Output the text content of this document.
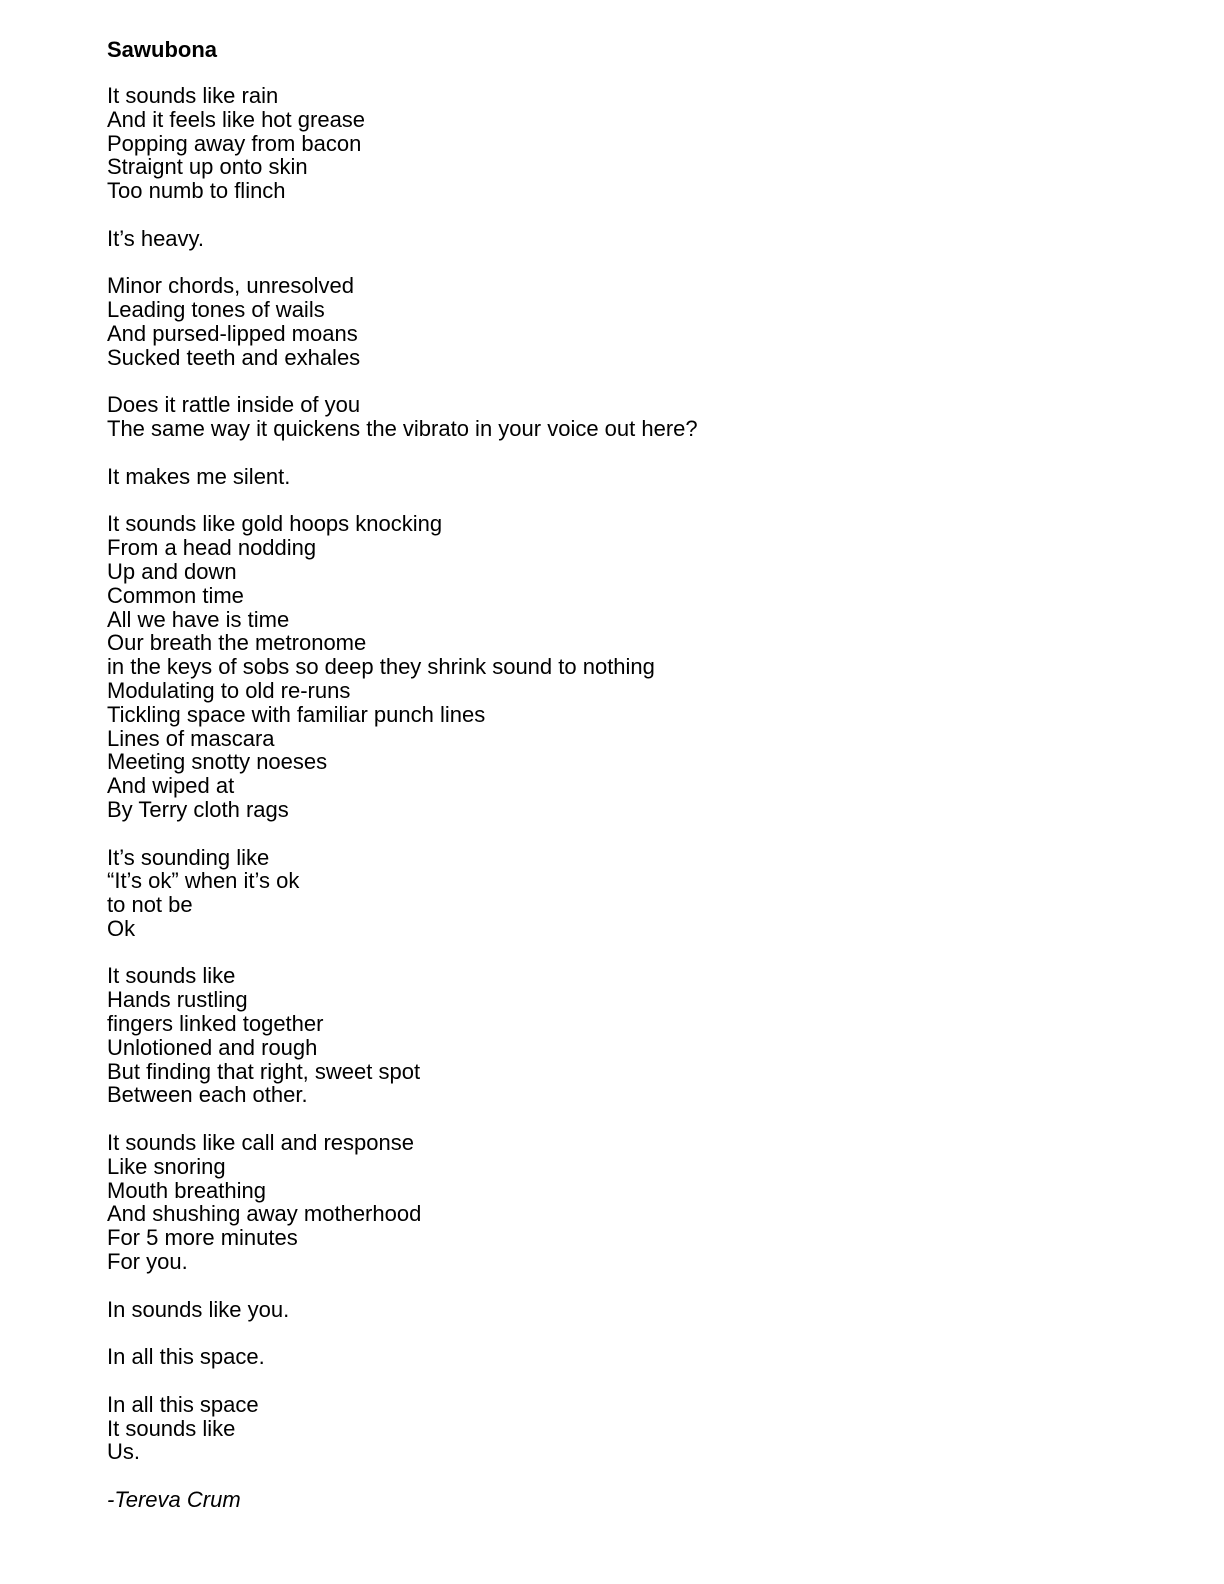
Sawubona
It sounds like rain
And it feels like hot grease
Popping away from bacon
Straignt up onto skin
Too numb to flinch
It’s heavy.
Minor chords, unresolved
Leading tones of wails
And pursed-lipped moans
Sucked teeth and exhales
Does it rattle inside of you
The same way it quickens the vibrato in your voice out here?
It makes me silent.
It sounds like gold hoops knocking
From a head nodding
Up and down
Common time
All we have is time
Our breath the metronome
in the keys of sobs so deep they shrink sound to nothing
Modulating to old re-runs
Tickling space with familiar punch lines
Lines of mascara
Meeting snotty noeses
And wiped at
By Terry cloth rags
It’s sounding like
“It’s ok” when it’s ok
to not be
Ok
It sounds like
Hands rustling
fingers linked together
Unlotioned and rough
But finding that right, sweet spot
Between each other.
It sounds like call and response
Like snoring
Mouth breathing
And shushing away motherhood
For 5 more minutes
For you.
In sounds like you.
In all this space.
In all this space
It sounds like
Us.
-Tereva Crum
